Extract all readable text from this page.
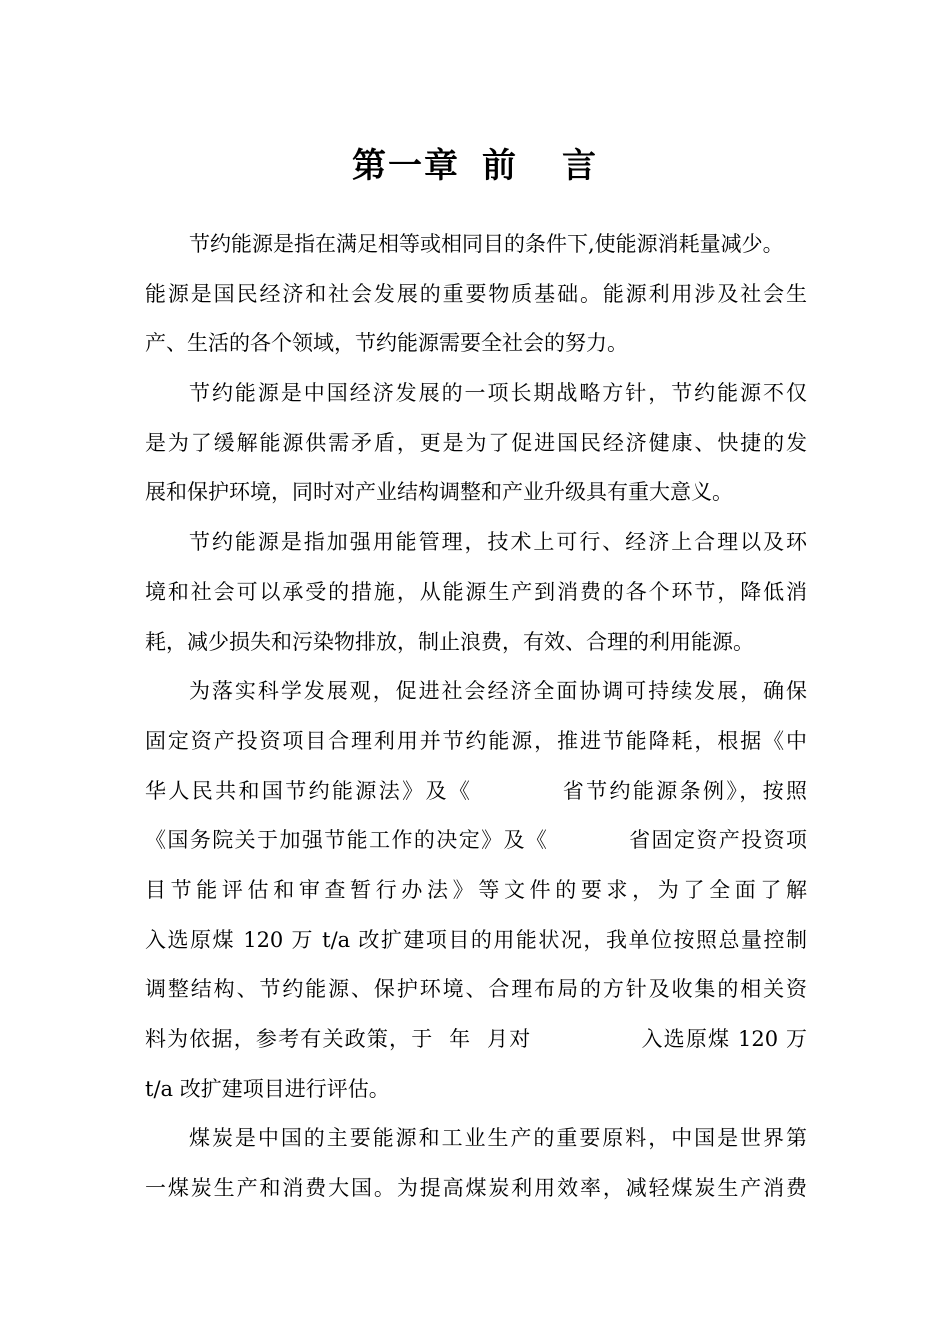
第一章 前 言
节约能源是指在满足相等或相同目的条件下,使能源消耗量减少。
能源是国民经济和社会发展的重要物质基础。能源利用涉及社会生
产、生活的各个领域，节约能源需要全社会的努力。
节约能源是中国经济发展的一项长期战略方针，节约能源不仅
是为了缓解能源供需矛盾，更是为了促进国民经济健康、快捷的发
展和保护环境，同时对产业结构调整和产业升级具有重大意义。
节约能源是指加强用能管理，技术上可行、经济上合理以及环
境和社会可以承受的措施，从能源生产到消费的各个环节，降低消
耗，减少损失和污染物排放，制止浪费，有效、合理的利用能源。
为落实科学发展观，促进社会经济全面协调可持续发展，确保
固定资产投资项目合理利用并节约能源，推进节能降耗，根据《中
华人民共和国节约能源法》及《          省节约能源条例》，按照
《国务院关于加强节能工作的决定》及《          省固定资产投资项
目节能评估和审查暂行办法》等文件的要求，为了全面了解
入选原煤 120 万 t/a 改扩建项目的用能状况，我单位按照总量控制
调整结构、节约能源、保护环境、合理布局的方针及收集的相关资
料为依据，参考有关政策，于  年  月对              入选原煤 120 万
t/a 改扩建项目进行评估。
煤炭是中国的主要能源和工业生产的重要原料，中国是世界第
一煤炭生产和消费大国。为提高煤炭利用效率，减轻煤炭生产消费
